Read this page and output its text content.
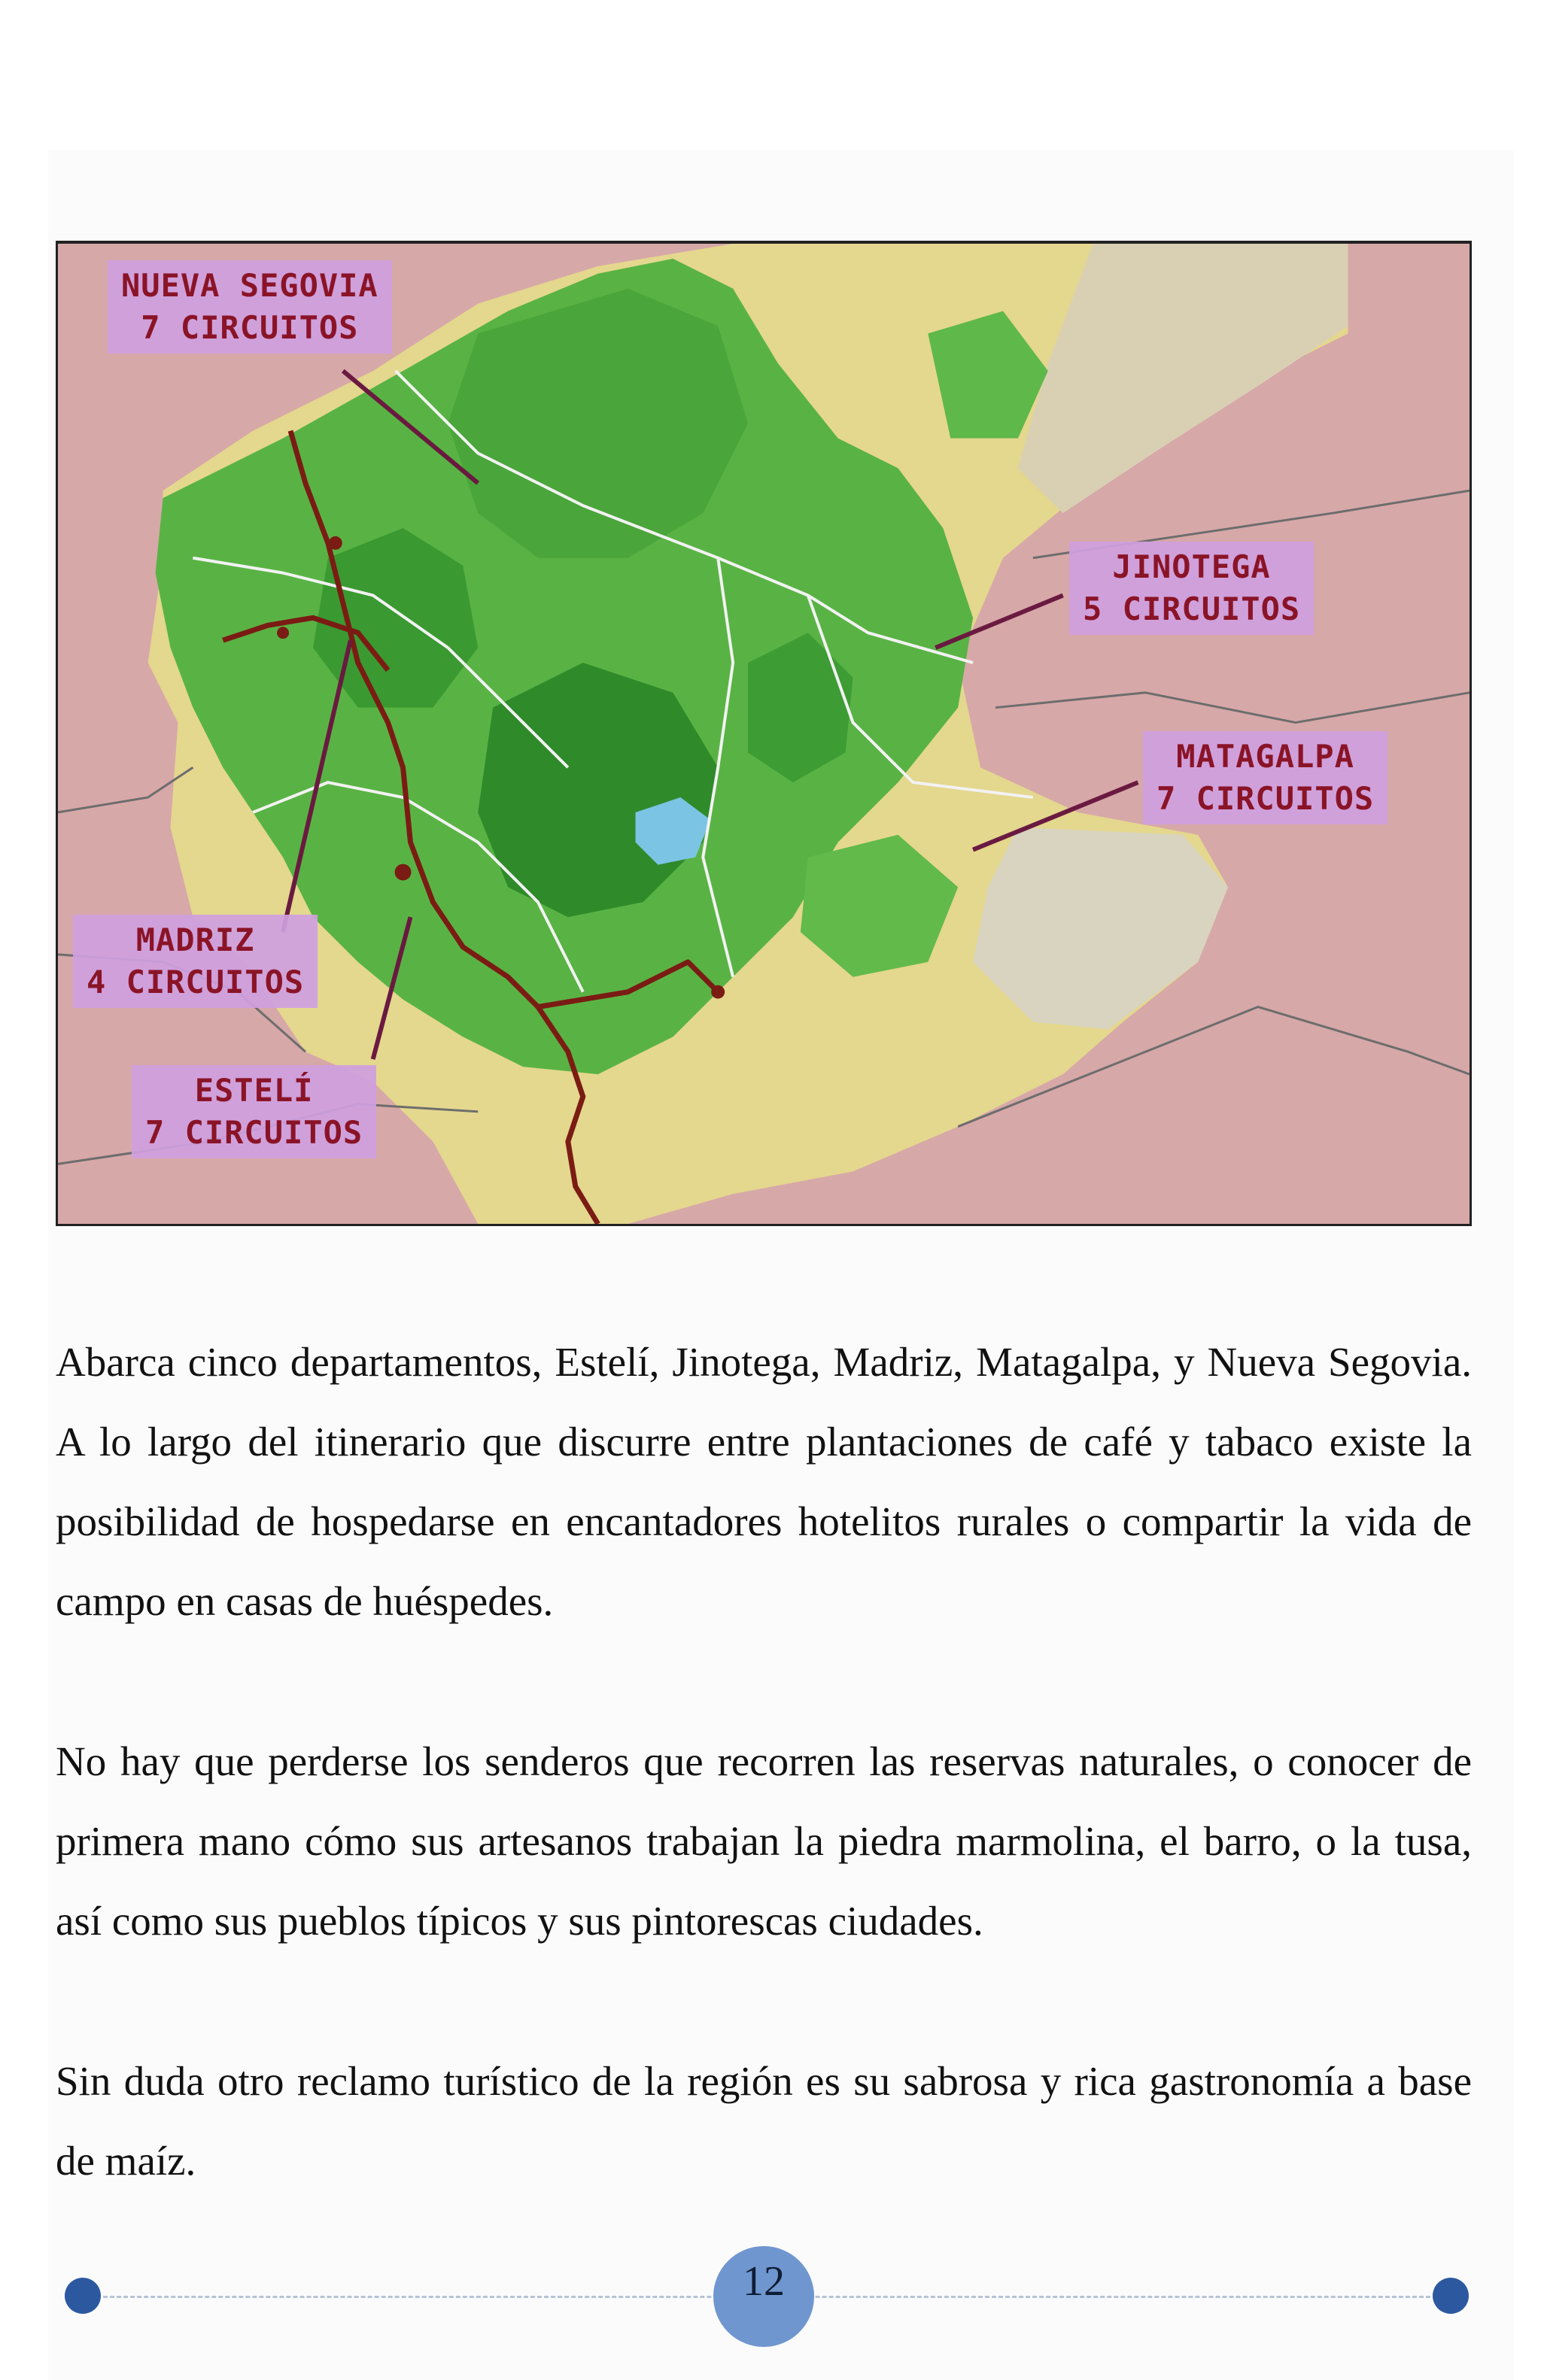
NUEVA SEGOVIA
7 CIRCUITOS
JINOTEGA
5 CIRCUITOS
MATAGALPA
7 CIRCUITOS
MADRIZ
4 CIRCUITOS
ESTELÍ
7 CIRCUITOS

Abarca cinco departamentos, Estelí, Jinotega, Madriz, Matagalpa, y Nueva Segovia. A lo largo del itinerario que discurre entre plantaciones de café y tabaco existe la posibilidad de hospedarse en encantadores hotelitos rurales o compartir la vida de campo en casas de huéspedes.

No hay que perderse los senderos que recorren las reservas naturales, o conocer de primera mano cómo sus artesanos trabajan la piedra marmolina, el barro, o la tusa, así como sus pueblos típicos y sus pintorescas ciudades.

Sin duda otro reclamo turístico de la región es su sabrosa y rica gastronomía a base de maíz.

12
